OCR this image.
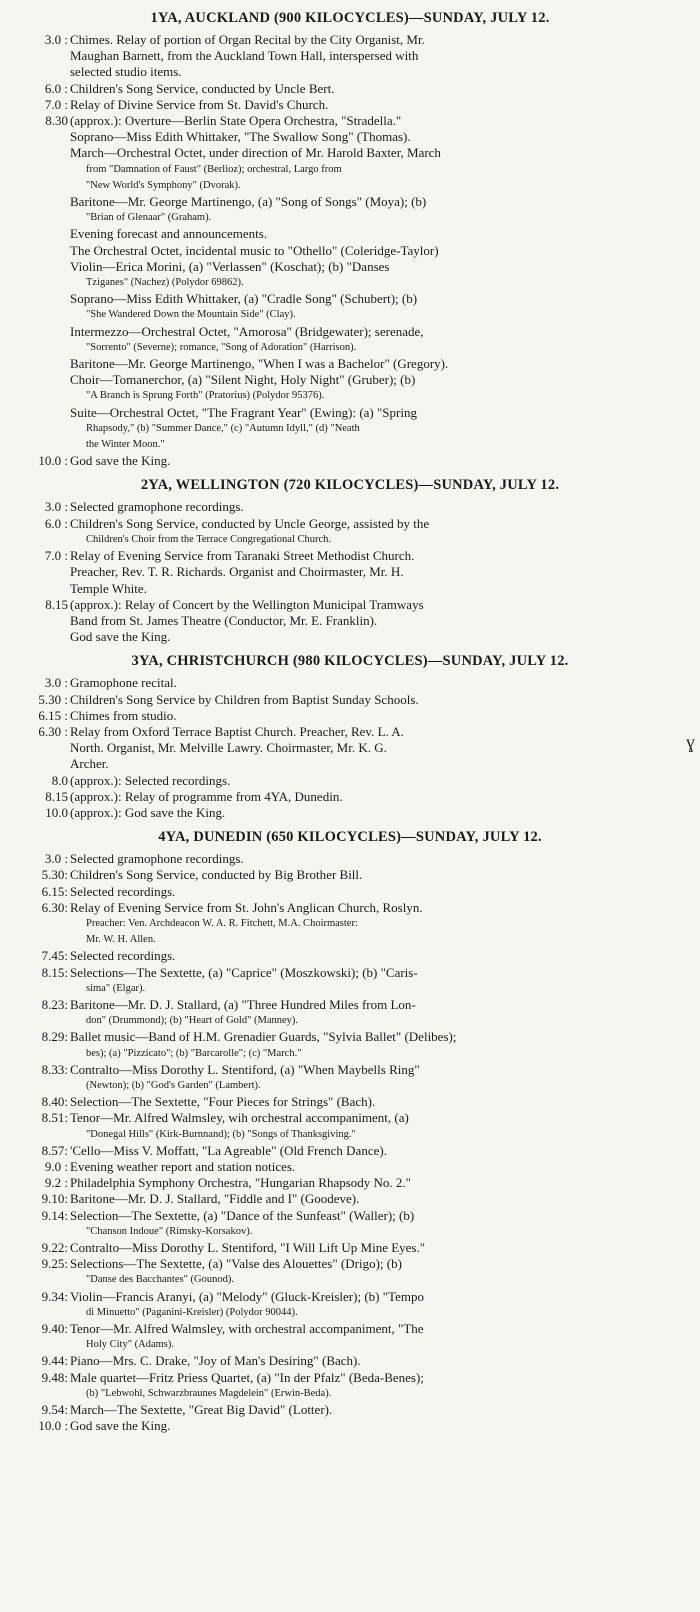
1YA, AUCKLAND (900 KILOCYCLES)—SUNDAY, JULY 12.
3.0 : Chimes. Relay of portion of Organ Recital by the City Organist, Mr.
Maughan Barnett, from the Auckland Town Hall, interspersed with
selected studio items.
6.0 : Children's Song Service, conducted by Uncle Bert.
7.0 : Relay of Divine Service from St. David's Church.
8.30 (approx.): Overture—Berlin State Opera Orchestra, "Stradella."
Soprano—Miss Edith Whittaker, "The Swallow Song" (Thomas).
March—Orchestral Octet, under direction of Mr. Harold Baxter, March
from "Damnation of Faust" (Berlioz); orchestral, Largo from
"New World's Symphony" (Dvorak).
Baritone—Mr. George Martinengo, (a) "Song of Songs" (Moya); (b)
"Brian of Glenaar" (Graham).
Evening forecast and announcements.
The Orchestral Octet, incidental music to "Othello" (Coleridge-Taylor)
Violin—Erica Morini, (a) "Verlassen" (Koschat); (b) "Danses
Tziganes" (Nachez) (Polydor 69862).
Soprano—Miss Edith Whittaker, (a) "Cradle Song" (Schubert); (b)
"She Wandered Down the Mountain Side" (Clay).
Intermezzo—Orchestral Octet, "Amorosa" (Bridgewater); serenade,
"Sorrento" (Severne); romance, "Song of Adoration" (Harrison).
Baritone—Mr. George Martinengo, "When I was a Bachelor" (Gregory).
Choir—Tomanerchor, (a) "Silent Night, Holy Night" (Gruber); (b)
"A Branch is Sprung Forth" (Pratorius) (Polydor 95376).
Suite—Orchestral Octet, "The Fragrant Year" (Ewing): (a) "Spring
Rhapsody," (b) "Summer Dance," (c) "Autumn Idyll," (d) "Neath
the Winter Moon."
10.0 : God save the King.
2YA, WELLINGTON (720 KILOCYCLES)—SUNDAY, JULY 12.
3.0 : Selected gramophone recordings.
6.0 : Children's Song Service, conducted by Uncle George, assisted by the
Children's Choir from the Terrace Congregational Church.
7.0 : Relay of Evening Service from Taranaki Street Methodist Church.
Preacher, Rev. T. R. Richards. Organist and Choirmaster, Mr. H.
Temple White.
8.15 (approx.): Relay of Concert by the Wellington Municipal Tramways
Band from St. James Theatre (Conductor, Mr. E. Franklin).
God save the King.
3YA, CHRISTCHURCH (980 KILOCYCLES)—SUNDAY, JULY 12.
3.0 : Gramophone recital.
5.30 : Children's Song Service by Children from Baptist Sunday Schools.
6.15 : Chimes from studio.
6.30 : Relay from Oxford Terrace Baptist Church. Preacher, Rev. L. A.
North. Organist, Mr. Melville Lawry. Choirmaster, Mr. K. G.
Archer.
8.0 (approx.): Selected recordings.
8.15 (approx.): Relay of programme from 4YA, Dunedin.
10.0 (approx.): God save the King.
4YA, DUNEDIN (650 KILOCYCLES)—SUNDAY, JULY 12.
3.0 : Selected gramophone recordings.
5.30: Children's Song Service, conducted by Big Brother Bill.
6.15: Selected recordings.
6.30: Relay of Evening Service from St. John's Anglican Church, Roslyn.
Preacher: Ven. Archdeacon W. A. R. Fitchett, M.A. Choirmaster:
Mr. W. H. Allen.
7.45: Selected recordings.
8.15: Selections—The Sextette, (a) "Caprice" (Moszkowski); (b) "Caris-
sima" (Elgar).
8.23: Baritone—Mr. D. J. Stallard, (a) "Three Hundred Miles from Lon-
don" (Drummond); (b) "Heart of Gold" (Manney).
8.29: Ballet music—Band of H.M. Grenadier Guards, "Sylvia Ballet" (Delibes);
bes); (a) "Pizzicato"; (b) "Barcarolle"; (c) "March."
8.33: Contralto—Miss Dorothy L. Stentiford, (a) "When Maybells Ring"
(Newton); (b) "God's Garden" (Lambert).
8.40: Selection—The Sextette, "Four Pieces for Strings" (Bach).
8.51: Tenor—Mr. Alfred Walmsley, wih orchestral accompaniment, (a)
"Donegal Hills" (Kirk-Burnnand); (b) "Songs of Thanksgiving."
8.57: 'Cello—Miss V. Moffatt, "La Agreable" (Old French Dance).
9.0 : Evening weather report and station notices.
9.2 : Philadelphia Symphony Orchestra, "Hungarian Rhapsody No. 2."
9.10: Baritone—Mr. D. J. Stallard, "Fiddle and I" (Goodeve).
9.14: Selection—The Sextette, (a) "Dance of the Sunfeast" (Waller); (b)
"Chanson Indoue" (Rimsky-Korsakov).
9.22: Contralto—Miss Dorothy L. Stentiford, "I Will Lift Up Mine Eyes."
9.25: Selections—The Sextette, (a) "Valse des Alouettes" (Drigo); (b)
"Danse des Bacchantes" (Gounod).
9.34: Violin—Francis Aranyi, (a) "Melody" (Gluck-Kreisler); (b) "Tempo
di Minuetto" (Paganini-Kreisler) (Polydor 90044).
9.40: Tenor—Mr. Alfred Walmsley, with orchestral accompaniment, "The
Holy City" (Adams).
9.44: Piano—Mrs. C. Drake, "Joy of Man's Desiring" (Bach).
9.48: Male quartet—Fritz Priess Quartet, (a) "In der Pfalz" (Beda-Benes);
(b) "Lebwohl, Schwarzbraunes Magdelein" (Erwin-Beda).
9.54: March—The Sextette, "Great Big David" (Lotter).
10.0 : God save the King.
ɣ
